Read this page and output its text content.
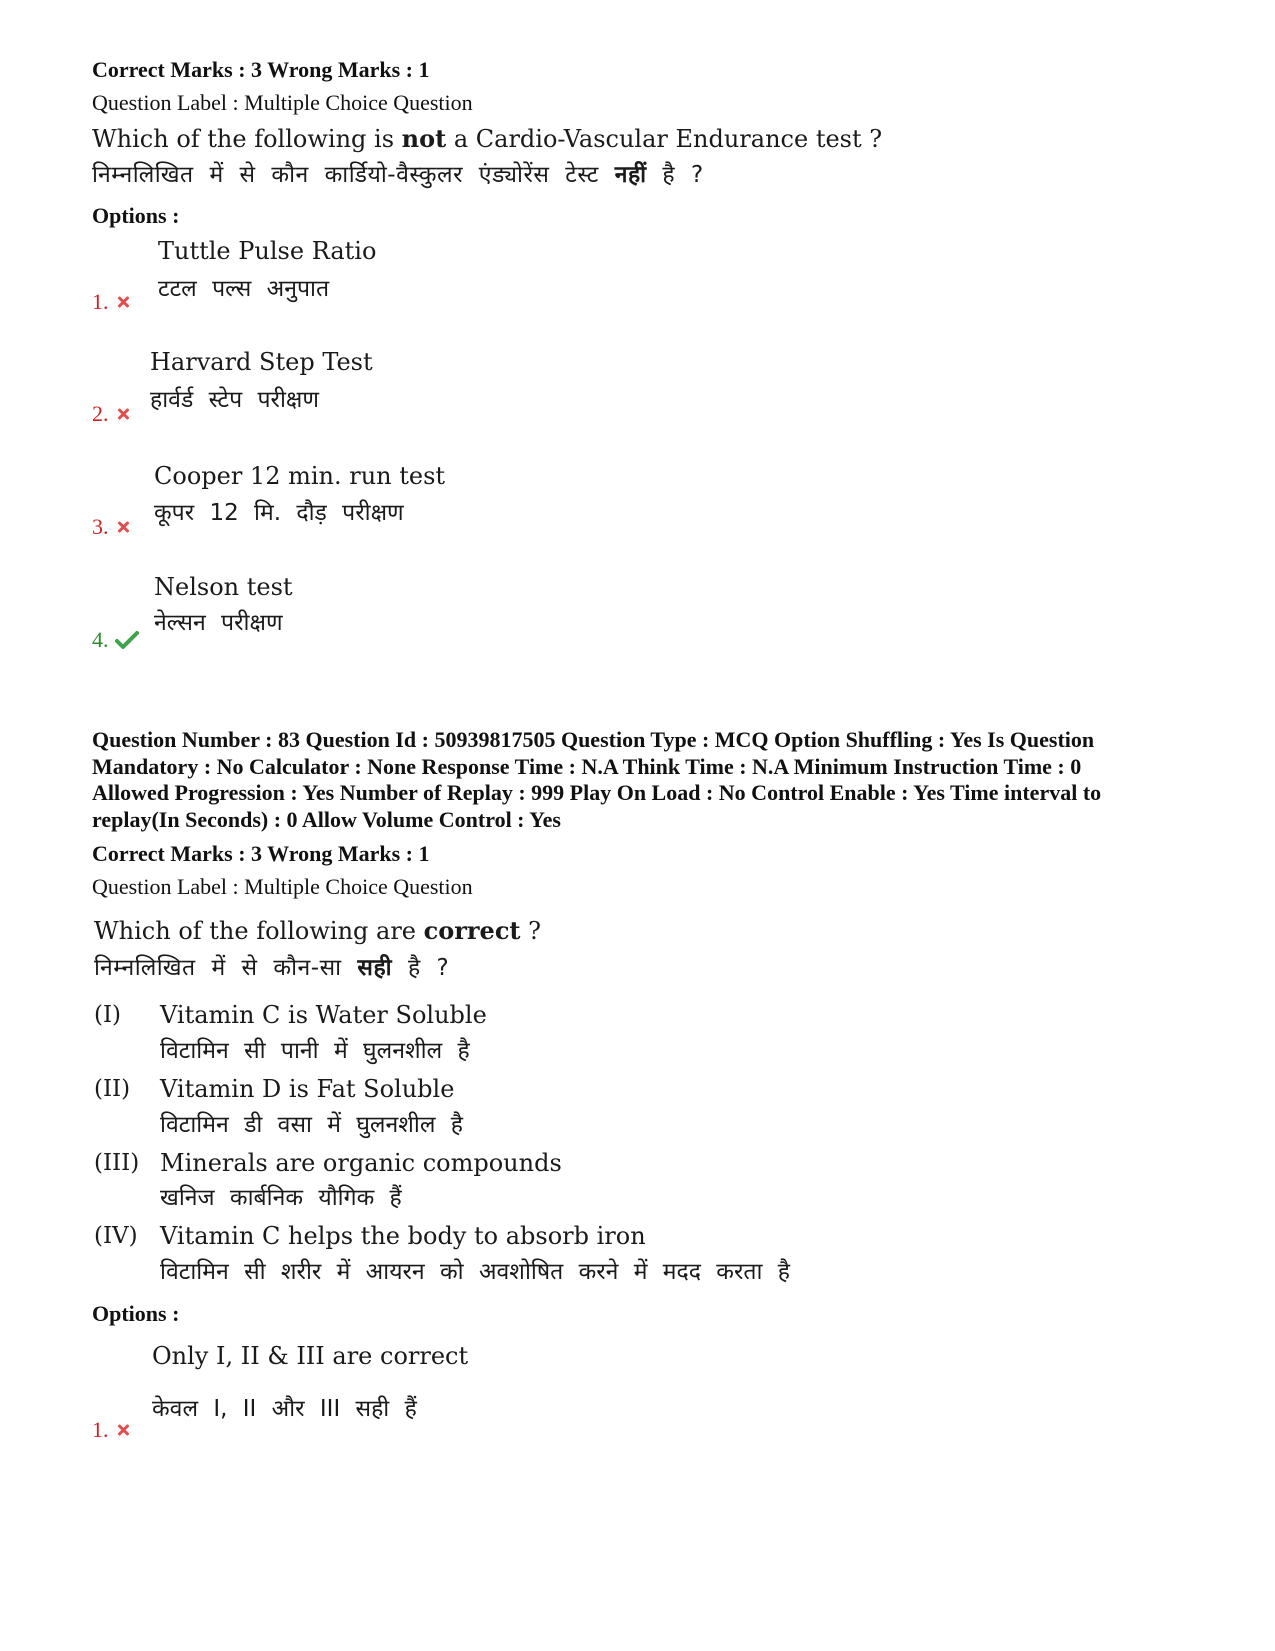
Correct Marks : 3 Wrong Marks : 1
Question Label : Multiple Choice Question
Which of the following is not a Cardio-Vascular Endurance test ?
निम्नलिखित में से कौन कार्डियो-वैस्कुलर एंड्योरेंस टेस्ट नहीं है ?
Options :
Tuttle Pulse Ratio
टटल पल्स अनुपात
1.
Harvard Step Test
हार्वर्ड स्टेप परीक्षण
2.
Cooper 12 min. run test
कूपर 12 मि. दौड़ परीक्षण
3.
Nelson test
नेल्सन परीक्षण
4.
Question Number : 83 Question Id : 50939817505 Question Type : MCQ Option Shuffling : Yes Is Question Mandatory : No Calculator : None Response Time : N.A Think Time : N.A Minimum Instruction Time : 0 Allowed Progression : Yes Number of Replay : 999 Play On Load : No Control Enable : Yes Time interval to replay(In Seconds) : 0 Allow Volume Control : Yes
Correct Marks : 3 Wrong Marks : 1
Question Label : Multiple Choice Question
Which of the following are correct ?
निम्नलिखित में से कौन-सा सही है ?
(I) Vitamin C is Water Soluble
विटामिन सी पानी में घुलनशील है
(II) Vitamin D is Fat Soluble
विटामिन डी वसा में घुलनशील है
(III) Minerals are organic compounds
खनिज कार्बनिक यौगिक हैं
(IV) Vitamin C helps the body to absorb iron
विटामिन सी शरीर में आयरन को अवशोषित करने में मदद करता है
Options :
Only I, II & III are correct
केवल I, II और III सही हैं
1.
